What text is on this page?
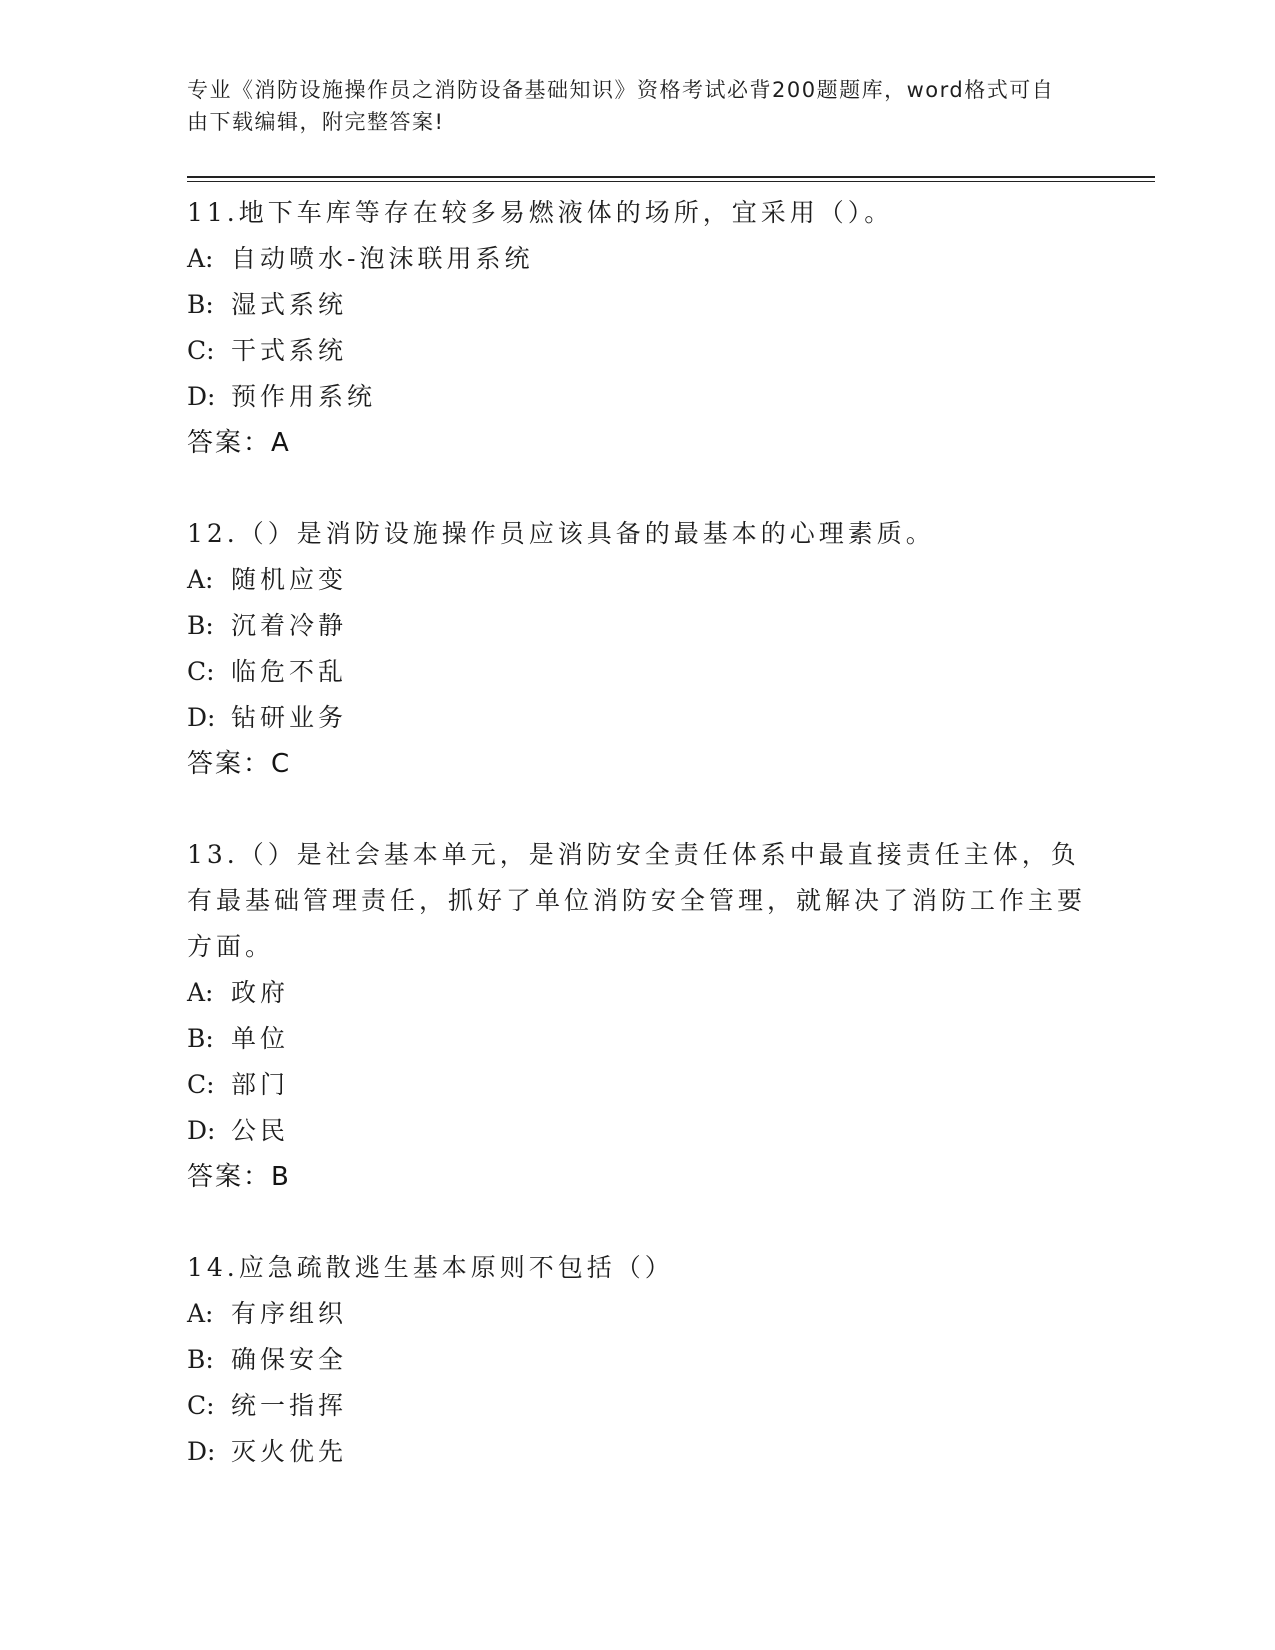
专业《消防设施操作员之消防设备基础知识》资格考试必背200题题库，word格式可自由下载编辑，附完整答案!
11.地下车库等存在较多易燃液体的场所，宜采用（）。
A: 自动喷水-泡沫联用系统
B: 湿式系统
C: 干式系统
D: 预作用系统
答案：A
12.（）是消防设施操作员应该具备的最基本的心理素质。
A: 随机应变
B: 沉着冷静
C: 临危不乱
D: 钻研业务
答案：C
13.（）是社会基本单元，是消防安全责任体系中最直接责任主体，负有最基础管理责任，抓好了单位消防安全管理，就解决了消防工作主要方面。
A: 政府
B: 单位
C: 部门
D: 公民
答案：B
14.应急疏散逃生基本原则不包括（）
A: 有序组织
B: 确保安全
C: 统一指挥
D: 灭火优先
